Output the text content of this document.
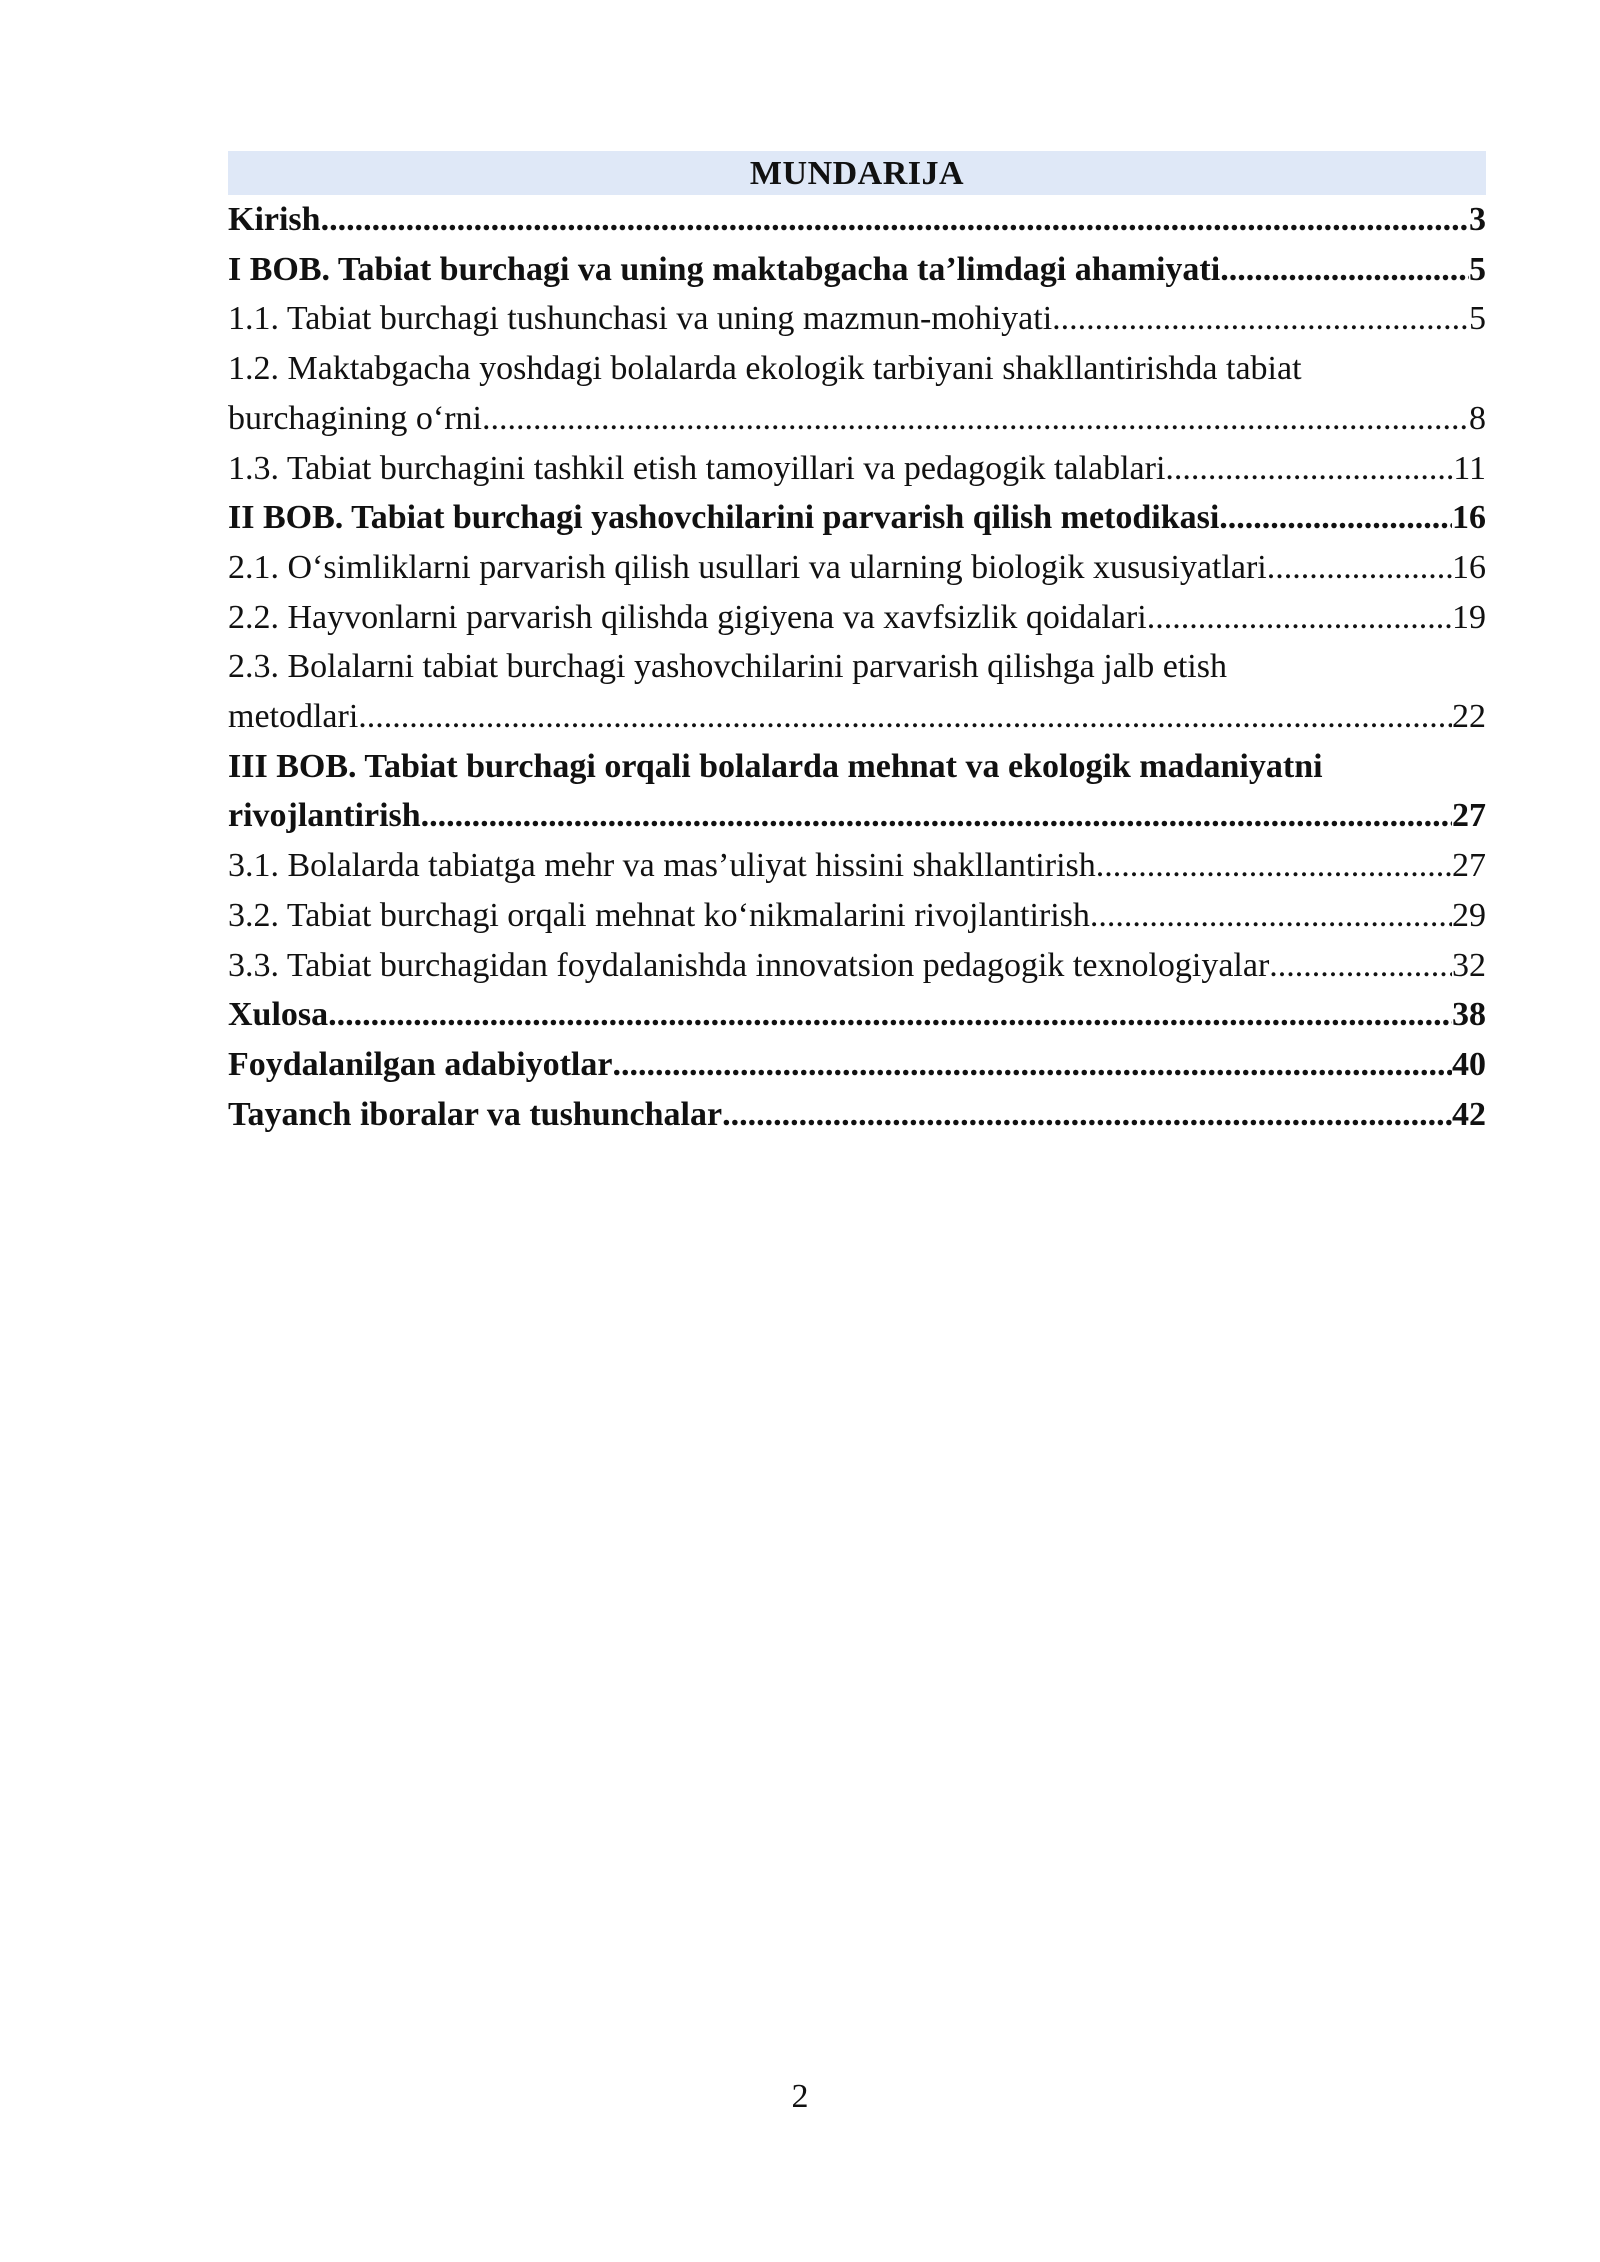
MUNDARIJA
Kirish .....	3
I BOB. Tabiat burchagi va uning maktabgacha ta’limdagi ahamiyati .....	5
1.1. Tabiat burchagi tushunchasi va uning mazmun-mohiyati .....	5
1.2. Maktabgacha yoshdagi bolalarda ekologik tarbiyani shakllantirishda tabiat
burchagining o‘rni .....	8
1.3. Tabiat burchagini tashkil etish tamoyillari va pedagogik talablari .....	11
II BOB. Tabiat burchagi yashovchilarini parvarish qilish metodikasi .....	16
2.1. O‘simliklarni parvarish qilish usullari va ularning biologik xususiyatlari .....	16
2.2. Hayvonlarni parvarish qilishda gigiyena va xavfsizlik qoidalari .....	19
2.3. Bolalarni tabiat burchagi yashovchilarini parvarish qilishga jalb etish
metodlari .....	22
III BOB. Tabiat burchagi orqali bolalarda mehnat va ekologik madaniyatni
rivojlantirish .....	27
3.1. Bolalarda tabiatga mehr va mas’uliyat hissini shakllantirish .....	27
3.2. Tabiat burchagi orqali mehnat ko‘nikmalarini rivojlantirish .....	29
3.3. Tabiat burchagidan foydalanishda innovatsion pedagogik texnologiyalar .....	32
Xulosa .....	38
Foydalanilgan adabiyotlar .....	40
Tayanch iboralar va tushunchalar .....	42
2
